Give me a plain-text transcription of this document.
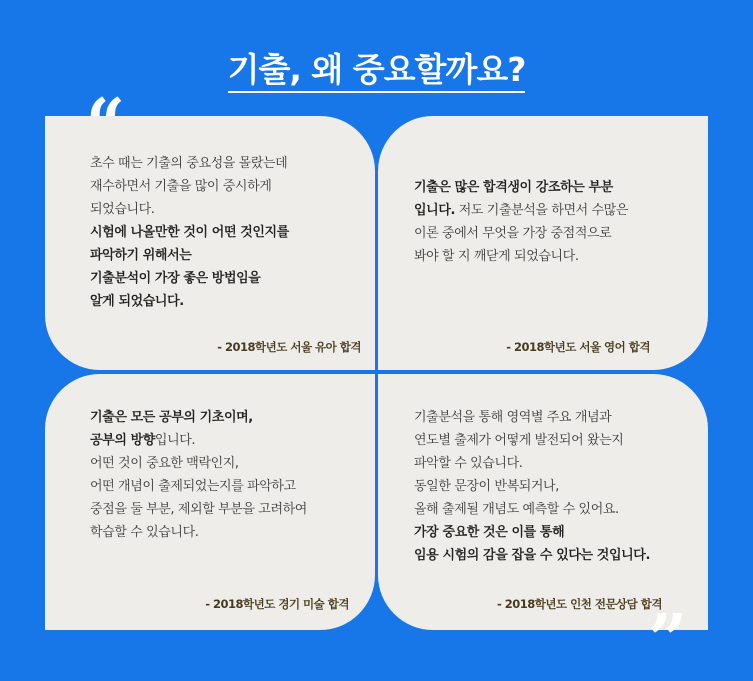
기출, 왜 중요할까요?

초수 때는 기출의 중요성을 몰랐는데

재수하면서 기출을 많이 중시하게

되었습니다.

시험에 나올만한 것이 어떤 것인지를

파악하기 위해서는

기출분석이 가장 좋은 방법임을

알게 되었습니다.

- 2018학년도 서울 유아 합격

기출은 많은 합격생이 강조하는 부분

입니다. 저도 기출분석을 하면서 수많은

이론 중에서 무엇을 가장 중점적으로

봐야 할 지 깨닫게 되었습니다.

- 2018학년도 서울 영어 합격

기출은 모든 공부의 기초이며,

공부의 방향입니다.

어떤 것이 중요한 맥락인지,

어떤 개념이 출제되었는지를 파악하고

중점을 둘 부분, 제외할 부분을 고려하여

학습할 수 있습니다.

- 2018학년도 경기 미술 합격

기출분석을 통해 영역별 주요 개념과

연도별 출제가 어떻게 발전되어 왔는지

파악할 수 있습니다.

동일한 문장이 반복되거나,

올해 출제될 개념도 예측할 수 있어요.

가장 중요한 것은 이를 통해

임용 시험의 감을 잡을 수 있다는 것입니다.

- 2018학년도 인천 전문상담 합격
“
”
